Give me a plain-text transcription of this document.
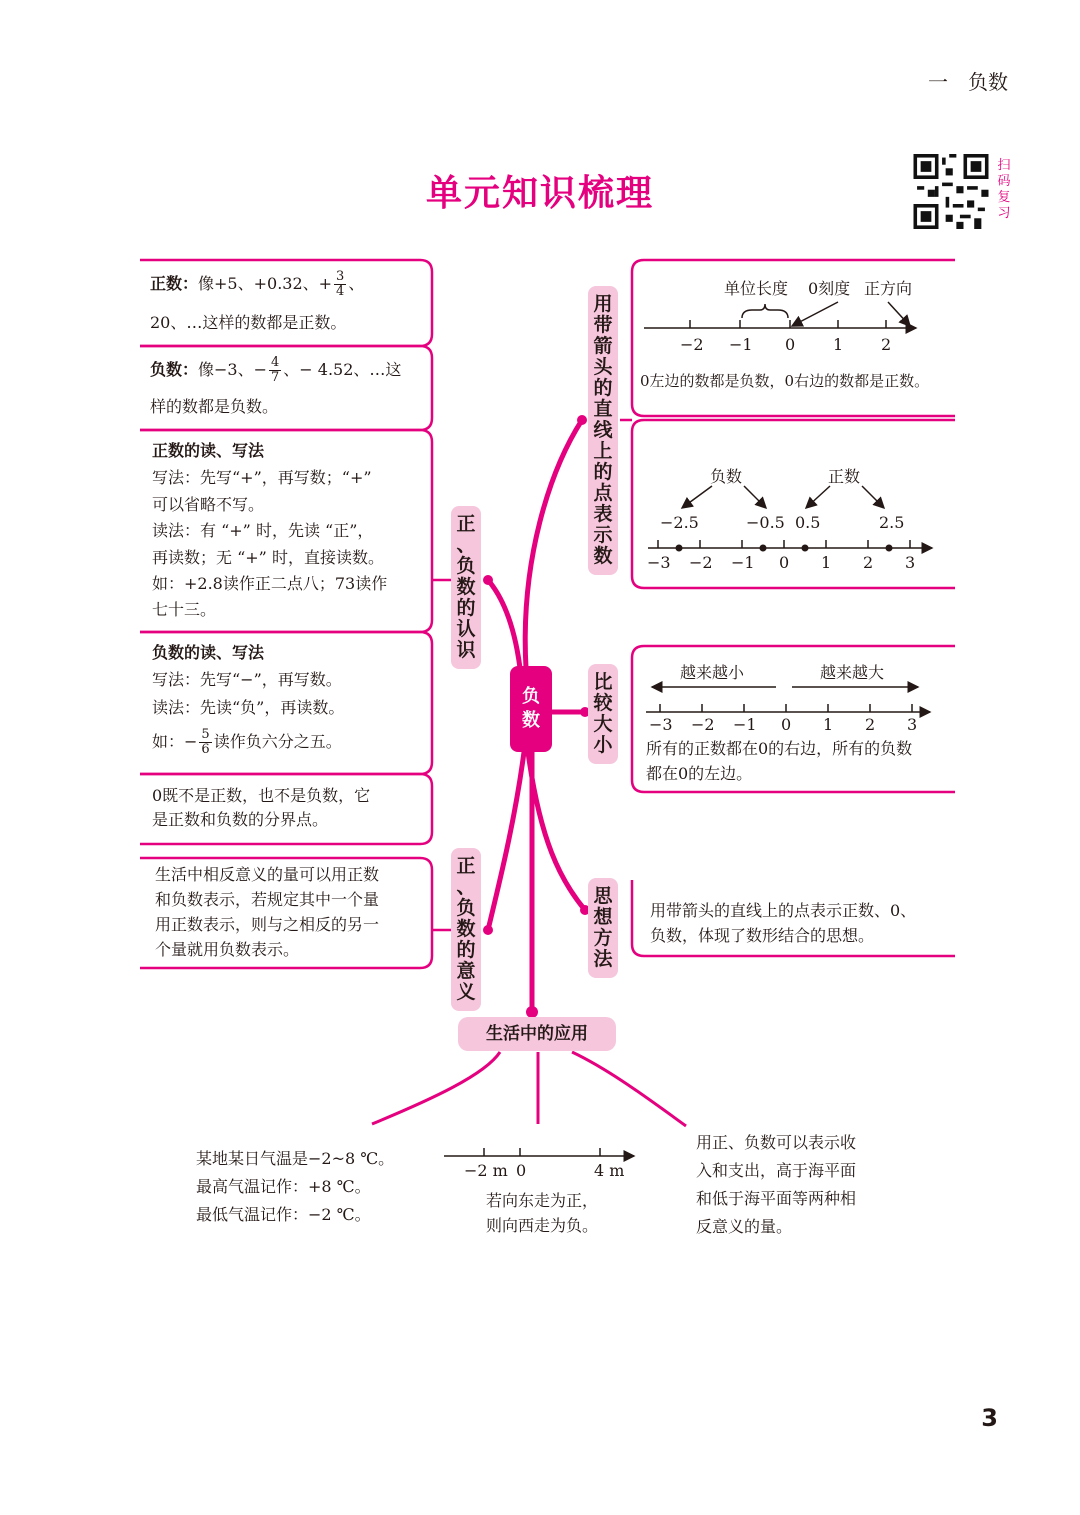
一　负数
单元知识梳理
扫码复习
负
数
正
、
负
数
的
认
识
正
、
负
数
的
意
义
用
带
箭
头
的
直
线
上
的
点
表
示
数
比
较
大
小
思
想
方
法
正数：像+5、+0.32、+ $\frac{3}{4}$ 、
20、…这样的数都是正数。
负数：像−3、− $\frac{4}{7}$ 、− 4.52、…这
样的数都是负数。
正数的读、写法
写法：先写“+”，再写数；“+”
可以省略不写。
读法：有 “+” 时，先读 “正”，
再读数；无 “+” 时，直接读数。
如：+2.8读作正二点八；73读作
七十三。
负数的读、写法
写法：先写“−”，再写数。
读法：先读“负”，再读数。
如：− $\frac{5}{6}$ 读作负六分之五。
0既不是正数，也不是负数，它
是正数和负数的分界点。
生活中相反意义的量可以用正数
和负数表示，若规定其中一个量
用正数表示，则与之相反的另一
个量就用负数表示。
单位长度 0刻度 正方向
−2 −1 0 1 2
0左边的数都是负数，0右边的数都是正数。
负数	正数
−2.5	−0.5 0.5	2.5
−3 −2 −1 0 1 2 3
越来越小	越来越大
−3 −2 −1 0 1 2 3
所有的正数都在0的右边，所有的负数
都在0的左边。
用带箭头的直线上的点表示正数、0、
负数，体现了数形结合的思想。
生活中的应用
某地某日气温是−2~8 ℃。
最高气温记作：+8 ℃。
最低气温记作：−2 ℃。
−2 m 0	4 m
若向东走为正，
则向西走为负。
用正、负数可以表示收
入和支出，高于海平面
和低于海平面等两种相
反意义的量。
3
